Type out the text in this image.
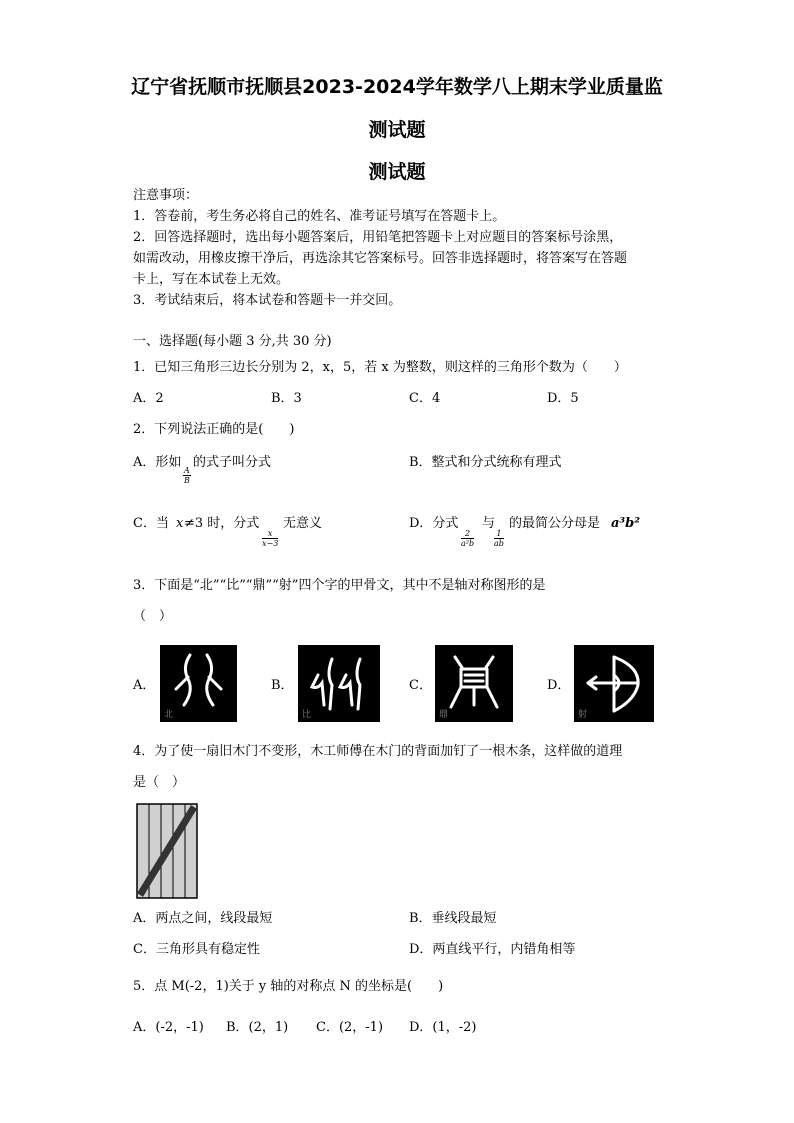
辽宁省抚顺市抚顺县2023-2024学年数学八上期末学业质量监
测试题
测试题
注意事项：
1．答卷前，考生务必将自己的姓名、准考证号填写在答题卡上。
2．回答选择题时，选出每小题答案后，用铅笔把答题卡上对应题目的答案标号涂黑，
如需改动，用橡皮擦干净后，再选涂其它答案标号。回答非选择题时，将答案写在答题
卡上，写在本试卷上无效。
3．考试结束后，将本试卷和答题卡一并交回。
一、选择题(每小题 3 分,共 30 分)
1．已知三角形三边长分别为 2，x，5，若 x 为整数，则这样的三角形个数为（　　）
A．2	B．3	C．4	D．5
2．下列说法正确的是(　　)
A．形如
$\frac{A}{B}$
的式子叫分式	B．整式和分式统称有理式
C．当 x ≠3 时，分式
$\frac{x}{x-3}$
无意义	D．分式
$\frac{2}{\text{a²b}}$
与
$\frac{1}{ab}$
的最简公分母是 a³b²
3．下面是“北”“比”“鼎”“射”四个字的甲骨文，其中不是轴对称图形的是
（　）
A．
北
B．
比
C．
鼎
D．
射
4．为了使一扇旧木门不变形，木工师傅在木门的背面加钉了一根木条，这样做的道理
是（　）
A．两点之间，线段最短	B．垂线段最短
C．三角形具有稳定性	D．两直线平行，内错角相等
5．点 M(-2，1)关于 y 轴的对称点 N 的坐标是(　　)
A．(-2，-1) B．(2，1) C．(2，-1) D．(1，-2)
